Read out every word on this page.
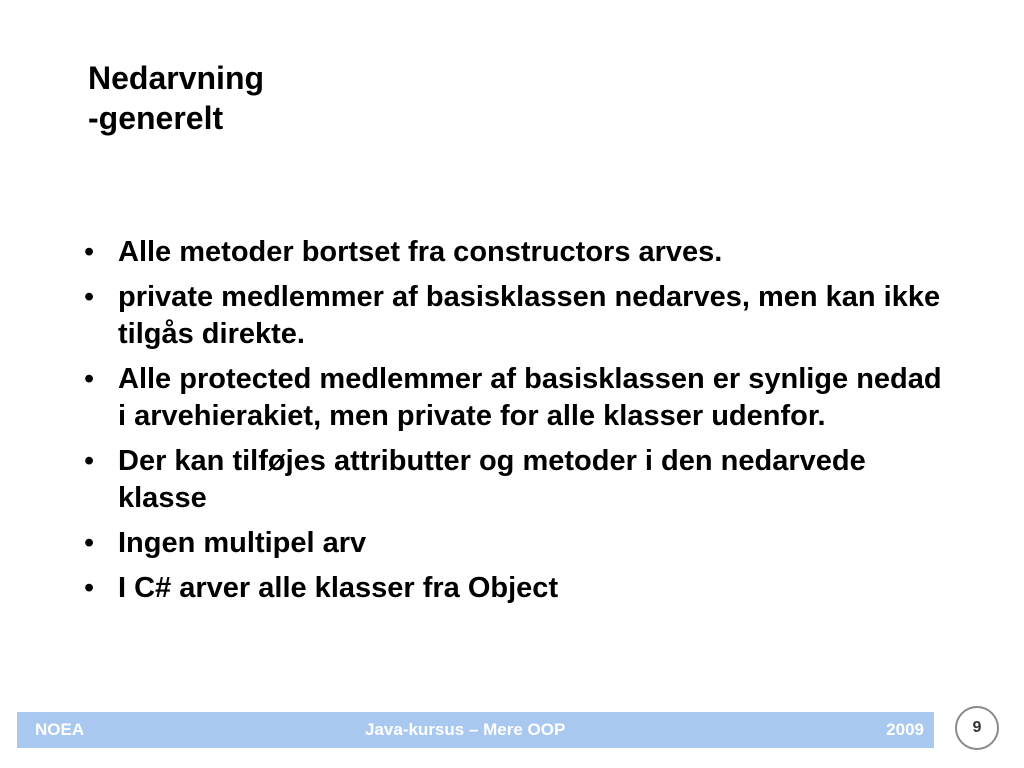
Nedarvning
-generelt
• Alle metoder bortset fra constructors arves.
• private medlemmer af basisklassen nedarves, men kan ikke tilgås direkte.
• Alle protected medlemmer af basisklassen er synlige nedad i arvehierakiet, men private for alle klasser udenfor.
• Der kan tilføjes attributter og metoder i den nedarvede klasse
• Ingen multipel arv
• I C# arver alle klasser fra Object
NOEA	Java-kursus – Mere OOP	2009	9
